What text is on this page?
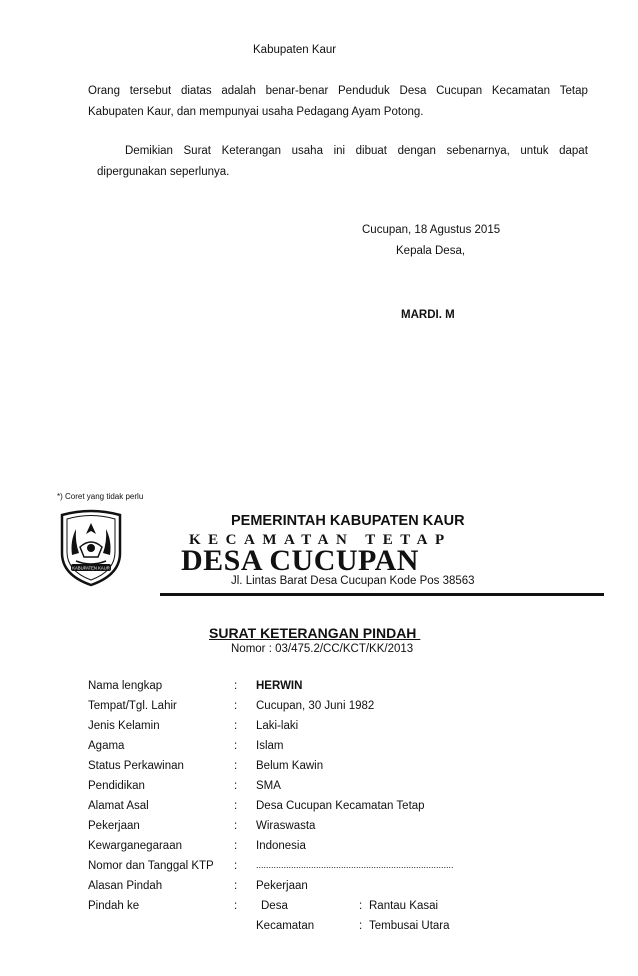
Kabupaten Kaur
Orang tersebut diatas adalah benar-benar Penduduk Desa Cucupan Kecamatan Tetap
Kabupaten Kaur, dan mempunyai usaha Pedagang Ayam Potong.
Demikian Surat Keterangan usaha ini dibuat dengan sebenarnya, untuk dapat
dipergunakan seperlunya.
Cucupan, 18 Agustus 2015
Kepala Desa,
MARDI. M
*) Coret yang tidak perlu
KABUPATEN KAUR
PEMERINTAH KABUPATEN KAUR
KECAMATAN TETAP
DESA CUCUPAN
Jl. Lintas Barat Desa Cucupan Kode Pos 38563
SURAT KETERANGAN PINDAH
Nomor : 03/475.2/CC/KCT/KK/2013
Nama lengkap	: HERWIN
Tempat/Tgl. Lahir	: Cucupan, 30 Juni 1982
Jenis Kelamin	: Laki-laki
Agama	: Islam
Status Perkawinan	: Belum Kawin
Pendidikan	: SMA
Alamat Asal	: Desa Cucupan Kecamatan Tetap
Pekerjaan	: Wiraswasta
Kewarganegaraan	: Indonesia
Nomor dan Tanggal KTP : ...............................................................................
Alasan Pindah	: Pekerjaan
Pindah ke	: Desa	: Rantau Kasai
Kecamatan	: Tembusai Utara
